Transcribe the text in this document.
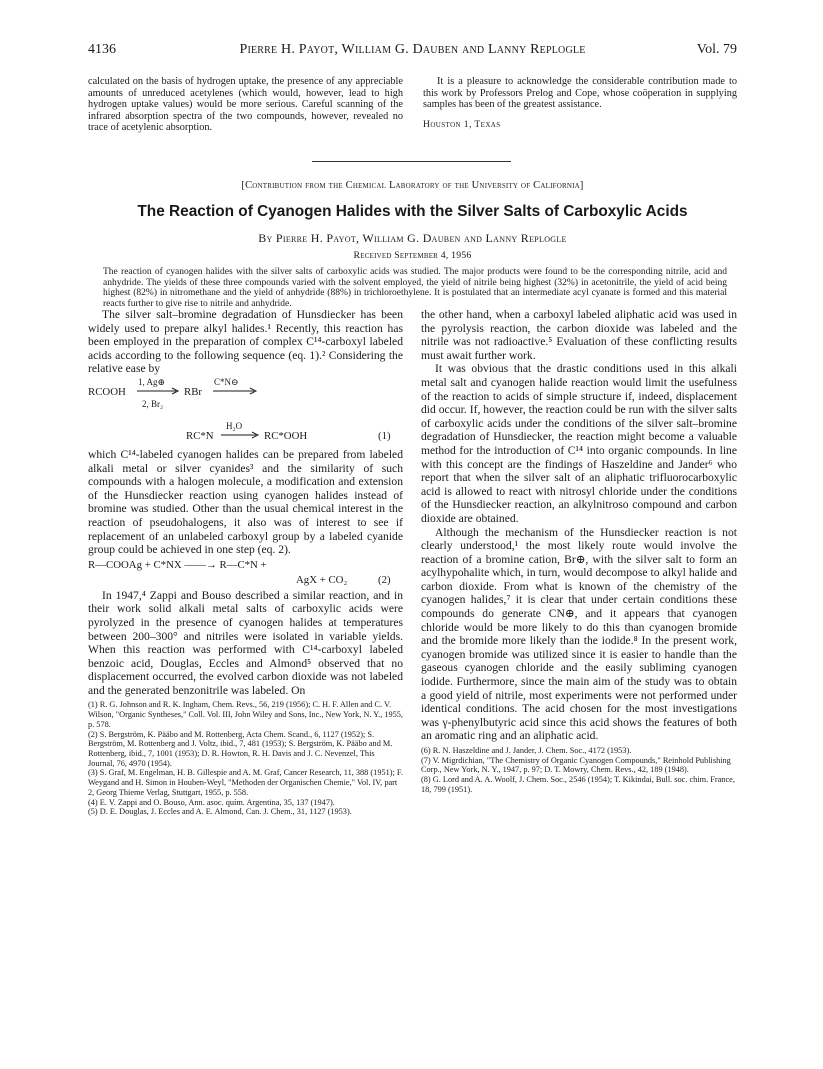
4136	Pierre H. Payot, William G. Dauben and Lanny Replogle	Vol. 79
calculated on the basis of hydrogen uptake, the presence of any appreciable amounts of unreduced acetylenes (which would, however, lead to high hydrogen uptake values) would be more serious. Careful scanning of the infrared absorption spectra of the two compounds, however, revealed no trace of acetylenic absorption.

It is a pleasure to acknowledge the considerable contribution made to this work by Professors Prelog and Cope, whose coöperation in supplying samples has been of the greatest assistance.

Houston 1, Texas
[Contribution from the Chemical Laboratory of the University of California]
The Reaction of Cyanogen Halides with the Silver Salts of Carboxylic Acids
By Pierre H. Payot, William G. Dauben and Lanny Replogle
Received September 4, 1956
The reaction of cyanogen halides with the silver salts of carboxylic acids was studied. The major products were found to be the corresponding nitrile, acid and anhydride. The yields of these three compounds varied with the solvent employed, the yield of nitrile being highest (32%) in acetonitrile, the yield of acid being highest (82%) in nitromethane and the yield of anhydride (88%) in trichloroethylene. It is postulated that an intermediate acyl cyanate is formed and this material reacts further to give rise to nitrile and anhydride.

The silver salt–bromine degradation of Hunsdiecker has been widely used to prepare alkyl halides.¹ Recently, this reaction has been employed in the preparation of complex C¹⁴-carboxyl labeled acids according to the following sequence (eq. 1).² Considering the relative ease by

RCOOH
1, Ag⊕
2, Br₂
RBr
C*N⊖
H₂O
RC*N	RC*OOH	(1)

which C¹⁴-labeled cyanogen halides can be prepared from labeled alkali metal or silver cyanides³ and the similarity of such compounds with a halogen molecule, a modification and extension of the Hunsdiecker reaction using cyanogen halides instead of bromine was studied. Other than the usual chemical interest in the reaction of pseudohalogens, it also was of interest to see if replacement of an unlabeled carboxyl group by a labeled cyanide group could be achieved in one step (eq. 2).

R—COOAg + C*NX ——→ R—C*N +
AgX + CO₂	(2)

In 1947,⁴ Zappi and Bouso described a similar reaction, and in their work solid alkali metal salts of carboxylic acids were pyrolyzed in the presence of cyanogen halides at temperatures between 200–300° and nitriles were isolated in variable yields. When this reaction was performed with C¹⁴-carboxyl labeled benzoic acid, Douglas, Eccles and Almond⁵ observed that no displacement occurred, the evolved carbon dioxide was not labeled and the generated benzonitrile was labeled. On

(1) R. G. Johnson and R. K. Ingham, Chem. Revs., 56, 219 (1956); C. H. F. Allen and C. V. Wilson, "Organic Syntheses," Coll. Vol. III, John Wiley and Sons, Inc., New York, N. Y., 1955, p. 578.
(2) S. Bergström, K. Pääbo and M. Rottenberg, Acta Chem. Scand., 6, 1127 (1952); S. Bergström, M. Rottenberg and J. Voltz, ibid., 7, 481 (1953); S. Bergström, K. Pääbo and M. Rottenberg, ibid., 7, 1001 (1953); D. R. Howton, R. H. Davis and J. C. Nevenzel, This Journal, 76, 4970 (1954).
(3) S. Graf, M. Engelman, H. B. Gillespie and A. M. Graf, Cancer Research, 11, 388 (1951); F. Weygand and H. Simon in Houben-Weyl, "Methoden der Organischen Chemie," Vol. IV, part 2, Georg Thieme Verlag, Stuttgart, 1955, p. 558.
(4) E. V. Zappi and O. Bouso, Ann. asoc. quím. Argentina, 35, 137 (1947).
(5) D. E. Douglas, J. Eccles and A. E. Almond, Can. J. Chem., 31, 1127 (1953).

the other hand, when a carboxyl labeled aliphatic acid was used in the pyrolysis reaction, the carbon dioxide was labeled and the nitrile was not radioactive.⁵ Evaluation of these conflicting results must await further work.

It was obvious that the drastic conditions used in this alkali metal salt and cyanogen halide reaction would limit the usefulness of the reaction to acids of simple structure if, indeed, displacement did occur. If, however, the reaction could be run with the silver salts of carboxylic acids under the conditions of the silver salt–bromine degradation of Hunsdiecker, the reaction might become a valuable method for the introduction of C¹⁴ into organic compounds. In line with this concept are the findings of Haszeldine and Jander⁶ who report that when the silver salt of an aliphatic trifluorocarboxylic acid is allowed to react with nitrosyl chloride under the conditions of the Hunsdiecker reaction, an alkylnitroso compound and carbon dioxide are obtained.

Although the mechanism of the Hunsdiecker reaction is not clearly understood,¹ the most likely route would involve the reaction of a bromine cation, Br⊕, with the silver salt to form an acylhypohalite which, in turn, would decompose to alkyl halide and carbon dioxide. From what is known of the chemistry of the cyanogen halides,⁷ it is clear that under certain conditions these compounds do generate CN⊕, and it appears that cyanogen chloride would be more likely to do this than cyanogen bromide and the bromide more likely than the iodide.⁸ In the present work, cyanogen bromide was utilized since it is easier to handle than the gaseous cyanogen chloride and the easily subliming cyanogen iodide. Furthermore, since the main aim of the study was to obtain a good yield of nitrile, most experiments were not performed under identical conditions. The acid chosen for the most investigations was γ-phenylbutyric acid since this acid shows the features of both an aromatic ring and an aliphatic acid.

(6) R. N. Haszeldine and J. Jander, J. Chem. Soc., 4172 (1953).
(7) V. Migrdichian, "The Chemistry of Organic Cyanogen Compounds," Reinhold Publishing Corp., New York, N. Y., 1947, p. 97; D. T. Mowry, Chem. Revs., 42, 189 (1948).
(8) G. Lord and A. A. Woolf, J. Chem. Soc., 2546 (1954); T. Kikindai, Bull. soc. chim. France, 18, 799 (1951).
